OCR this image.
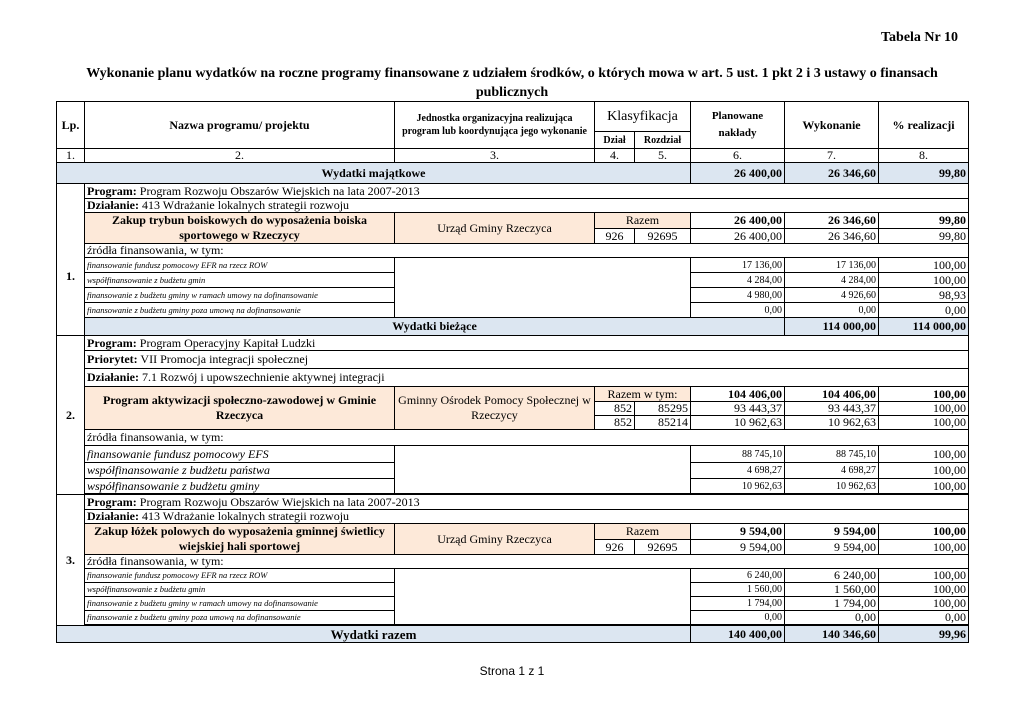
Tabela Nr 10
Wykonanie planu wydatków na roczne programy finansowane z udziałem środków, o których mowa w art. 5 ust. 1 pkt 2 i 3 ustawy o finansach publicznych
Lp.	Nazwa programu/ projektu	Jednostka organizacyjna realizująca program lub koordynująca jego wykonanie	Klasyfikacja		Planowane nakłady	Wykonanie	% realizacji	
			Dział	Rozdział				
1.	2.	3.	4.	5.	6.	7.	8.	
Wydatki majątkowe					26 400,00	26 346,60	99,80	
1.	Program: Program Rozwoju Obszarów Wiejskich na lata 2007-2013							
	Działanie: 413 Wdrażanie lokalnych strategii rozwoju							
	Zakup trybun boiskowych do wyposażenia boiska sportowego w Rzeczycy	Urząd Gminy Rzeczyca	Razem		26 400,00	26 346,60	99,80	
			926	92695	26 400,00	26 346,60	99,80	
	źródła finansowania, w tym:							
	finansowanie fundusz pomocowy EFR na rzecz ROW				17 136,00	17 136,00	100,00	
	współfinansowanie z budżetu gmin				4 284,00	4 284,00	100,00	
	finansowanie z budżetu gminy w ramach umowy na dofinansowanie				4 980,00	4 926,60	98,93	
	finansowanie z budżetu gminy poza umową na dofinansowanie				0,00	0,00	0,00	
	Wydatki bieżące					114 000,00	114 000,00	
2.	Program: Program Operacyjny Kapitał Ludzki							
	Priorytet: VII Promocja integracji społecznej							
	Działanie: 7.1 Rozwój i upowszechnienie aktywnej integracji							
	Program aktywizacji społeczno-zawodowej w Gminie Rzeczyca	Gminny Ośrodek Pomocy Społecznej w Rzeczycy	Razem w tym:		104 406,00	104 406,00	100,00	
			852	85295	93 443,37	93 443,37	100,00	
			852	85214	10 962,63	10 962,63	100,00	
	źródła finansowania, w tym:							
	finansowanie fundusz pomocowy EFS				88 745,10	88 745,10	100,00	
	współfinansowanie z budżetu państwa				4 698,27	4 698,27	100,00	
	współfinansowanie z budżetu gminy				10 962,63	10 962,63	100,00	

3.	Program: Program Rozwoju Obszarów Wiejskich na lata 2007-2013							
	Działanie: 413 Wdrażanie lokalnych strategii rozwoju							
	Zakup łóżek polowych do wyposażenia gminnej świetlicy wiejskiej hali sportowej	Urząd Gminy Rzeczyca	Razem		9 594,00	9 594,00	100,00	
			926	92695	9 594,00	9 594,00	100,00	
	źródła finansowania, w tym:							
	finansowanie fundusz pomocowy EFR na rzecz ROW				6 240,00	6 240,00	100,00	
	współfinansowanie z budżetu gmin				1 560,00	1 560,00	100,00	
	finansowanie z budżetu gminy w ramach umowy na dofinansowanie				1 794,00	1 794,00	100,00	
	finansowanie z budżetu gminy poza umową na dofinansowanie				0,00	0,00	0,00	

Wydatki razem					140 400,00	140 346,60	99,96	
Strona 1 z 1
